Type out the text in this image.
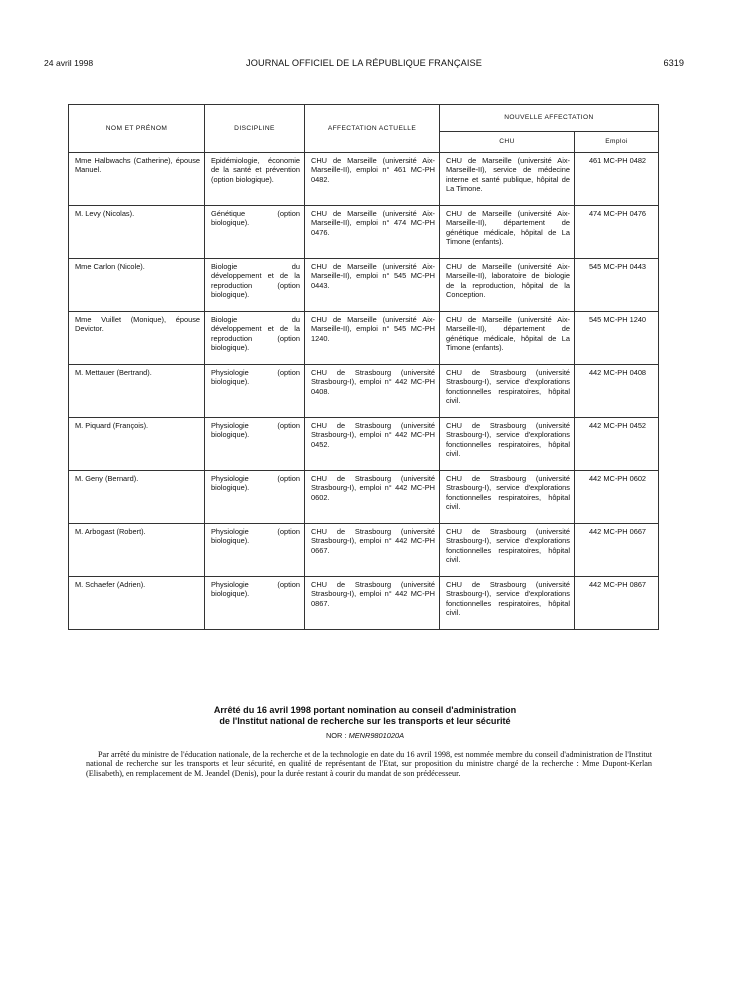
24 avril 1998	JOURNAL OFFICIEL DE LA RÉPUBLIQUE FRANÇAISE	6319
NOM ET PRÉNOM	DISCIPLINE	AFFECTATION ACTUELLE	NOUVELLE AFFECTATION	
			CHU	Emploi
Mme Halbwachs (Catherine), épouse Manuel.	Epidémiologie, économie de la santé et prévention (option biologique).	CHU de Marseille (université Aix-Marseille-II), emploi n° 461 MC-PH 0482.	CHU de Marseille (université Aix-Marseille-II), service de médecine interne et santé publique, hôpital de La Timone.	461 MC-PH 0482
M. Levy (Nicolas).	Génétique (option biologique).	CHU de Marseille (université Aix-Marseille-II), emploi n° 474 MC-PH 0476.	CHU de Marseille (université Aix-Marseille-II), département de génétique médicale, hôpital de La Timone (enfants).	474 MC-PH 0476
Mme Carlon (Nicole).	Biologie du développement et de la reproduction (option biologique).	CHU de Marseille (université Aix-Marseille-II), emploi n° 545 MC-PH 0443.	CHU de Marseille (université Aix-Marseille-II), laboratoire de biologie de la reproduction, hôpital de la Conception.	545 MC-PH 0443
Mme Vuillet (Monique), épouse Devictor.	Biologie du développement et de la reproduction (option biologique).	CHU de Marseille (université Aix-Marseille-II), emploi n° 545 MC-PH 1240.	CHU de Marseille (université Aix-Marseille-II), département de génétique médicale, hôpital de La Timone (enfants).	545 MC-PH 1240
M. Mettauer (Bertrand).	Physiologie (option biologique).	CHU de Strasbourg (université Strasbourg-I), emploi n° 442 MC-PH 0408.	CHU de Strasbourg (université Strasbourg-I), service d'explorations fonctionnelles respiratoires, hôpital civil.	442 MC-PH 0408
M. Piquard (François).	Physiologie (option biologique).	CHU de Strasbourg (université Strasbourg-I), emploi n° 442 MC-PH 0452.	CHU de Strasbourg (université Strasbourg-I), service d'explorations fonctionnelles respiratoires, hôpital civil.	442 MC-PH 0452
M. Geny (Bernard).	Physiologie (option biologique).	CHU de Strasbourg (université Strasbourg-I), emploi n° 442 MC-PH 0602.	CHU de Strasbourg (université Strasbourg-I), service d'explorations fonctionnelles respiratoires, hôpital civil.	442 MC-PH 0602
M. Arbogast (Robert).	Physiologie (option biologique).	CHU de Strasbourg (université Strasbourg-I), emploi n° 442 MC-PH 0667.	CHU de Strasbourg (université Strasbourg-I), service d'explorations fonctionnelles respiratoires, hôpital civil.	442 MC-PH 0667
M. Schaefer (Adrien).	Physiologie (option biologique).	CHU de Strasbourg (université Strasbourg-I), emploi n° 442 MC-PH 0867.	CHU de Strasbourg (université Strasbourg-I), service d'explorations fonctionnelles respiratoires, hôpital civil.	442 MC-PH 0867
Arrêté du 16 avril 1998 portant nomination au conseil d'administration
de l'Institut national de recherche sur les transports et leur sécurité
NOR : MENR9801020A

Par arrêté du ministre de l'éducation nationale, de la recherche et de la technologie en date du 16 avril 1998, est nommée membre du conseil d'administration de l'Institut national de recherche sur les transports et leur sécurité, en qualité de représentant de l'Etat, sur proposition du ministre chargé de la recherche : Mme Dupont-Kerlan (Elisabeth), en remplacement de M. Jeandel (Denis), pour la durée restant à courir du mandat de son prédécesseur.
